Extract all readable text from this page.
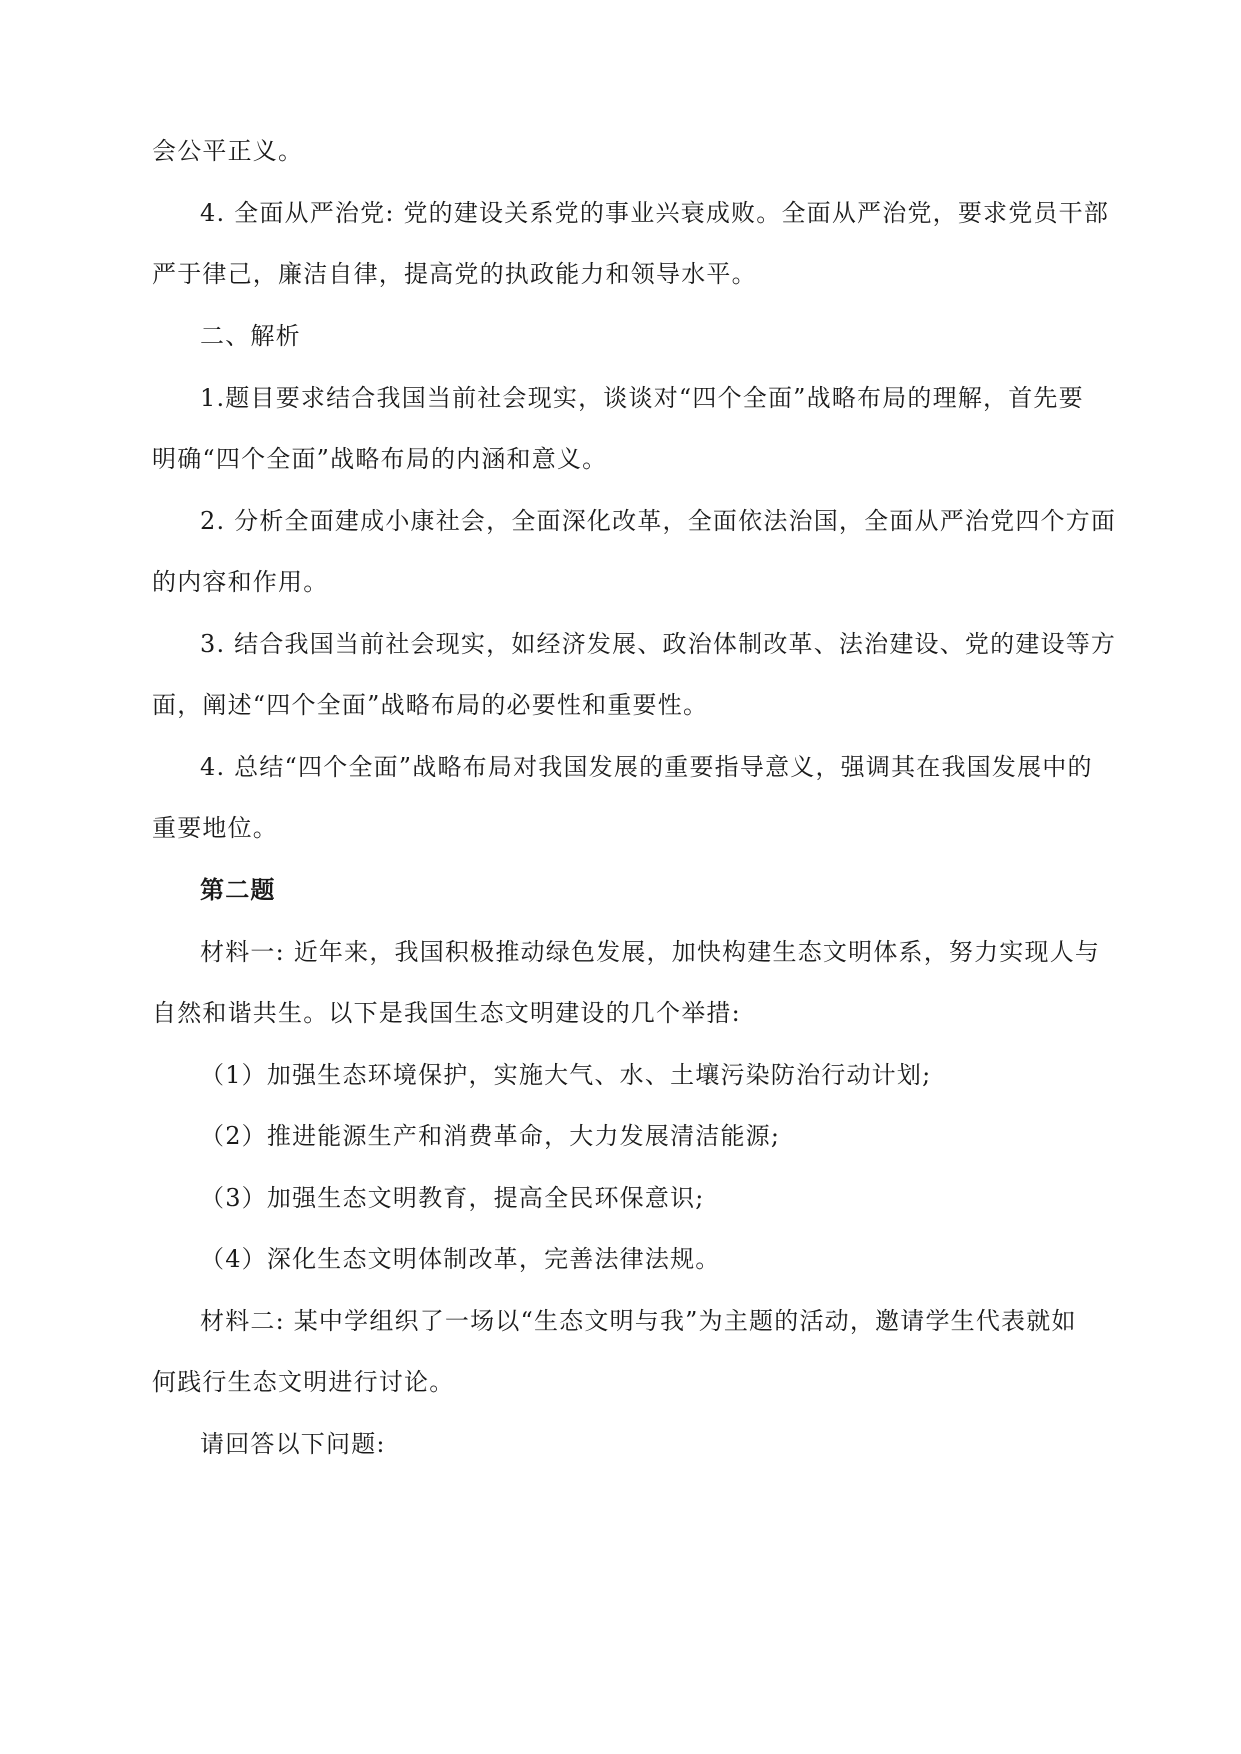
会公平正义。
4. 全面从严治党: 党的建设关系党的事业兴衰成败。全面从严治党，要求党员干部
严于律己，廉洁自律，提高党的执政能力和领导水平。
二、解析
1.题目要求结合我国当前社会现实，谈谈对“四个全面”战略布局的理解，首先要
明确“四个全面”战略布局的内涵和意义。
2. 分析全面建成小康社会，全面深化改革，全面依法治国，全面从严治党四个方面
的内容和作用。
3. 结合我国当前社会现实，如经济发展、政治体制改革、法治建设、党的建设等方
面，阐述“四个全面”战略布局的必要性和重要性。
4. 总结“四个全面”战略布局对我国发展的重要指导意义，强调其在我国发展中的
重要地位。
第二题
材料一: 近年来，我国积极推动绿色发展，加快构建生态文明体系，努力实现人与
自然和谐共生。以下是我国生态文明建设的几个举措:
（1）加强生态环境保护，实施大气、水、土壤污染防治行动计划;
（2）推进能源生产和消费革命，大力发展清洁能源;
（3）加强生态文明教育，提高全民环保意识;
（4）深化生态文明体制改革，完善法律法规。
材料二: 某中学组织了一场以“生态文明与我”为主题的活动，邀请学生代表就如
何践行生态文明进行讨论。
请回答以下问题:
